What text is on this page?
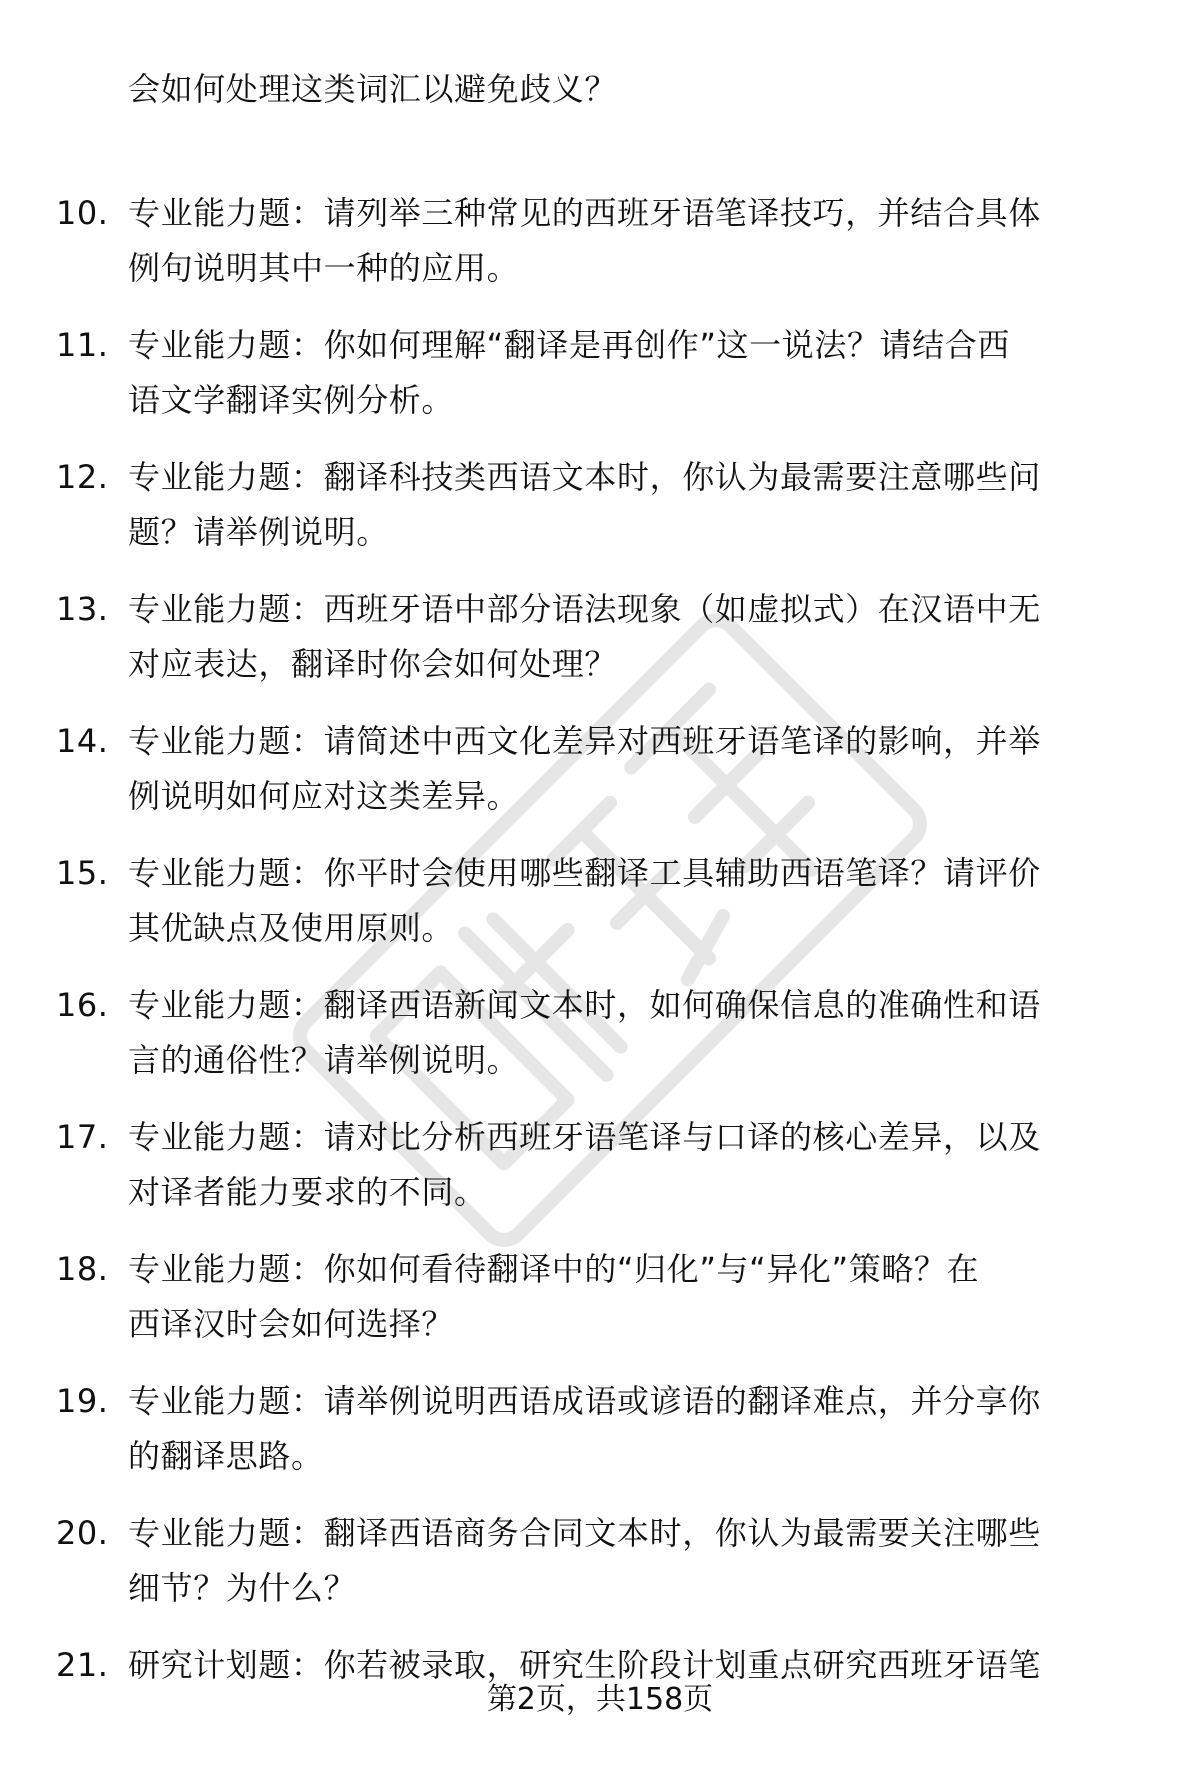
会如何处理这类词汇以避免歧义？
10. 专业能力题：请列举三种常见的西班牙语笔译技巧，并结合具体
例句说明其中一种的应用。
11. 专业能力题：你如何理解“翻译是再创作”这一说法？请结合西
语文学翻译实例分析。
12. 专业能力题：翻译科技类西语文本时，你认为最需要注意哪些问
题？请举例说明。
13. 专业能力题：西班牙语中部分语法现象（如虚拟式）在汉语中无
对应表达，翻译时你会如何处理？
14. 专业能力题：请简述中西文化差异对西班牙语笔译的影响，并举
例说明如何应对这类差异。
15. 专业能力题：你平时会使用哪些翻译工具辅助西语笔译？请评价
其优缺点及使用原则。
16. 专业能力题：翻译西语新闻文本时，如何确保信息的准确性和语
言的通俗性？请举例说明。
17. 专业能力题：请对比分析西班牙语笔译与口译的核心差异，以及
对译者能力要求的不同。
18. 专业能力题：你如何看待翻译中的“归化”与“异化”策略？在
西译汉时会如何选择？
19. 专业能力题：请举例说明西语成语或谚语的翻译难点，并分享你
的翻译思路。
20. 专业能力题：翻译西语商务合同文本时，你认为最需要关注哪些
细节？为什么？
21. 研究计划题：你若被录取，研究生阶段计划重点研究西班牙语笔
第2页，共158页
